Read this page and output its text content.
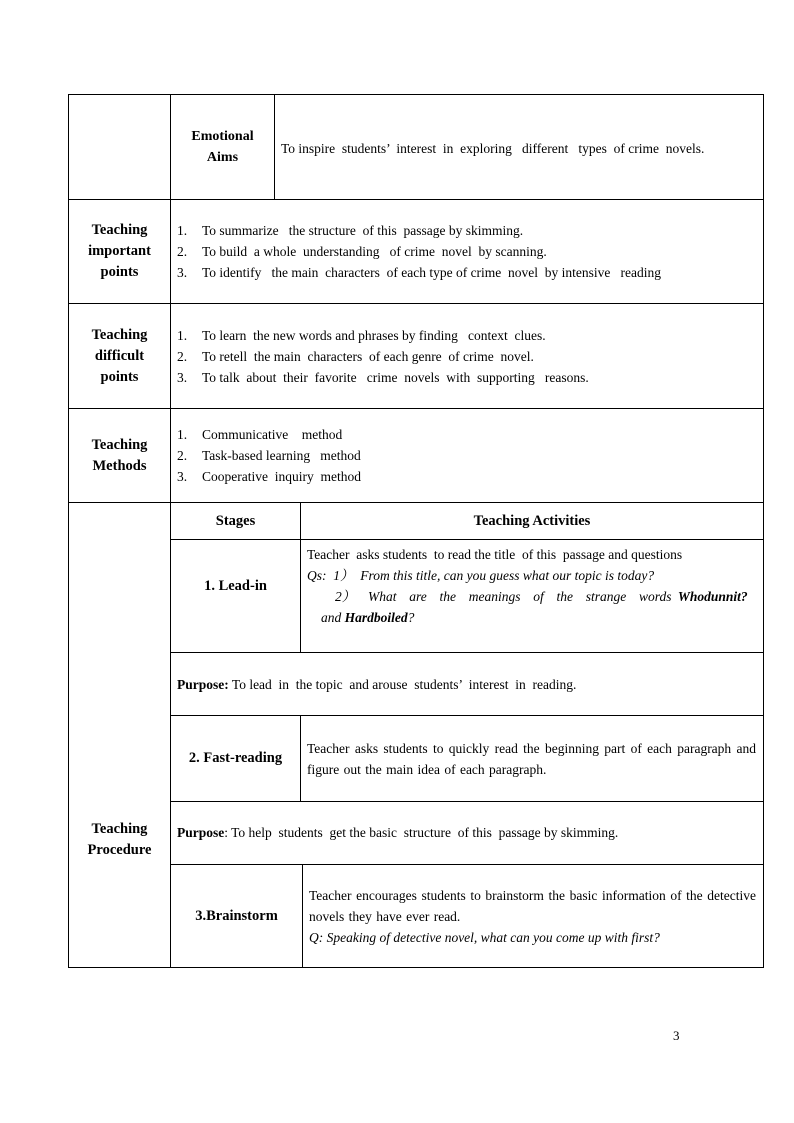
Emotional
Aims
To inspire  students’  interest  in  exploring   different   types  of crime  novels.
Teaching
important
points
1. To summarize   the structure  of this  passage by skimming.
2. To build  a whole  understanding   of crime  novel  by scanning.
3. To identify   the main  characters  of each type of crime  novel  by intensive   reading
Teaching
difficult
points
1. To learn  the new words and phrases by finding   context  clues.
2. To retell  the main  characters  of each genre  of crime  novel.
3. To talk  about  their  favorite   crime  novels  with  supporting   reasons.
Teaching
Methods
1. Communicative    method
2. Task-based learning   method
3. Cooperative  inquiry  method
Teaching
Procedure
Stages	Teaching Activities
1. Lead-in
Teacher  asks students  to read the title  of this  passage and questions
Qs:  1） From this title, can you guess what our topic is today?
2） What  are  the  meanings  of  the  strange  words Whodunnit?
and Hardboiled?
Purpose: To lead  in  the topic  and arouse  students’  interest  in  reading.
2. Fast-reading
Teacher asks students to quickly read the beginning part of each paragraph and figure out the main idea of each paragraph.
Purpose: To help  students  get the basic  structure  of this  passage by skimming.
3.Brainstorm
Teacher encourages students to brainstorm the basic information of the detective novels they have ever read.
Q: Speaking of detective novel, what can you come up with first?
3
